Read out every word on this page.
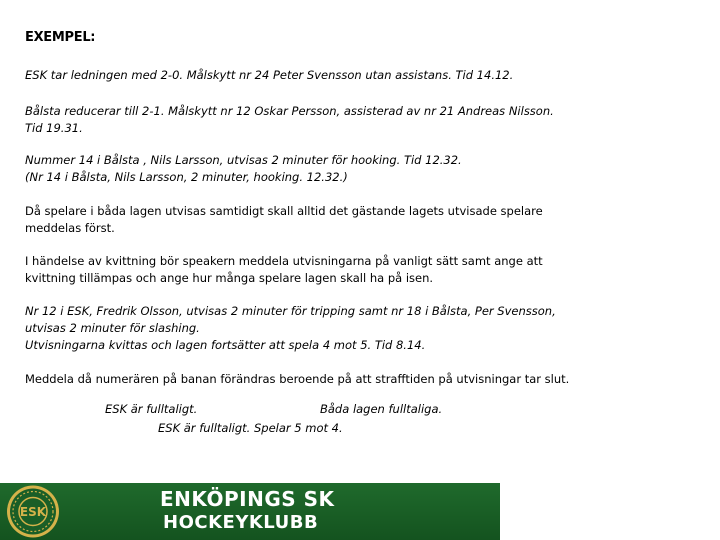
EXEMPEL:
ESK tar ledningen med 2-0. Målskytt nr 24 Peter Svensson utan assistans. Tid 14.12.
Bålsta reducerar till 2-1. Målskytt nr 12 Oskar Persson, assisterad av nr 21 Andreas Nilsson.
Tid 19.31.
Nummer 14 i Bålsta , Nils Larsson, utvisas 2 minuter för hooking. Tid 12.32.
(Nr 14 i Bålsta, Nils Larsson, 2 minuter, hooking. 12.32.)
Då spelare i båda lagen utvisas samtidigt skall alltid det gästande lagets utvisade spelare
meddelas först.
I händelse av kvittning bör speakern meddela utvisningarna på vanligt sätt samt ange att
kvittning tillämpas och ange hur många spelare lagen skall ha på isen.
Nr 12 i ESK, Fredrik Olsson, utvisas 2 minuter för tripping samt nr 18 i Bålsta, Per Svensson,
utvisas 2 minuter för slashing.
Utvisningarna kvittas och lagen fortsätter att spela 4 mot 5. Tid 8.14.
Meddela då numerären på banan förändras beroende på att strafftiden på utvisningar tar slut.
ESK är fulltaligt.	Båda lagen fulltaliga.
ESK är fulltaligt. Spelar 5 mot 4.
ESK
ENKÖPINGS SK
HOCKEYKLUBB
